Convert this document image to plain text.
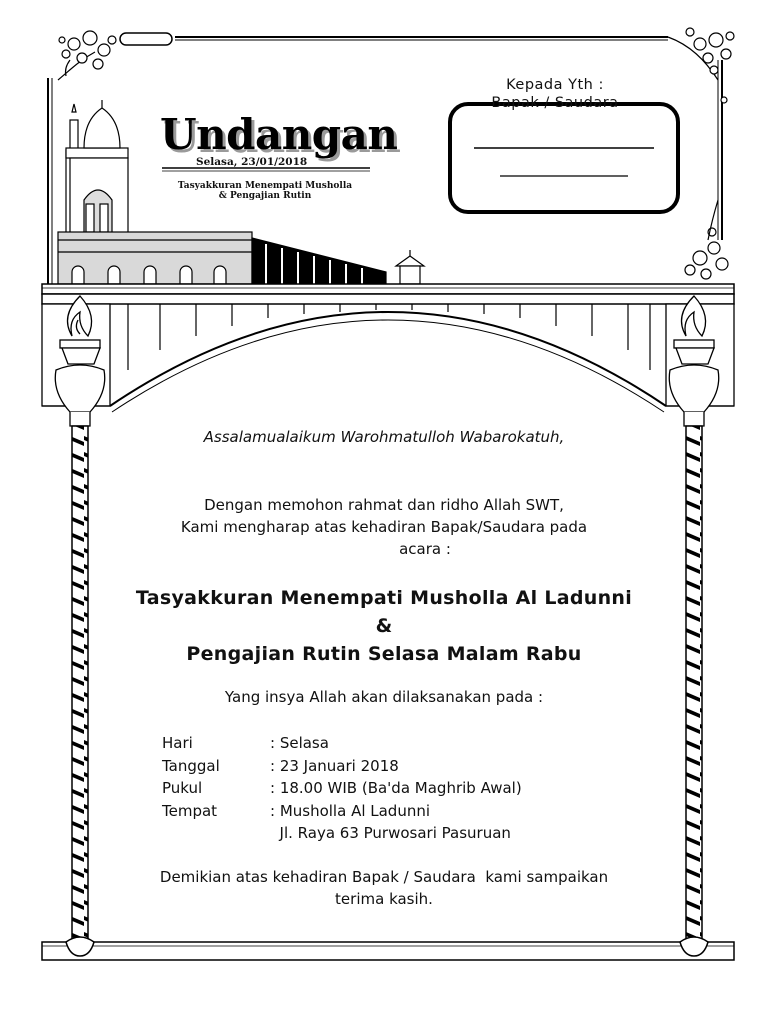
Undangan
Selasa, 23/01/2018
Tasyakkuran Menempati Musholla
& Pengajian Rutin
Kepada Yth :
Bapak / Saudara
Assalamualaikum Warohmatulloh Wabarokatuh,
Dengan memohon rahmat dan ridho Allah SWT,
Kami mengharap atas kehadiran Bapak/Saudara pada
acara :
Tasyakkuran Menempati Musholla Al Ladunni
&
Pengajian Rutin Selasa Malam Rabu
Yang insya Allah akan dilaksanakan pada :
Hari	: Selasa
Tanggal	: 23 Januari 2018
Pukul	: 18.00 WIB (Ba'da Maghrib Awal)
Tempat	: Musholla Al Ladunni
Jl. Raya 63 Purwosari Pasuruan
Demikian atas kehadiran Bapak / Saudara  kami sampaikan
terima kasih.
